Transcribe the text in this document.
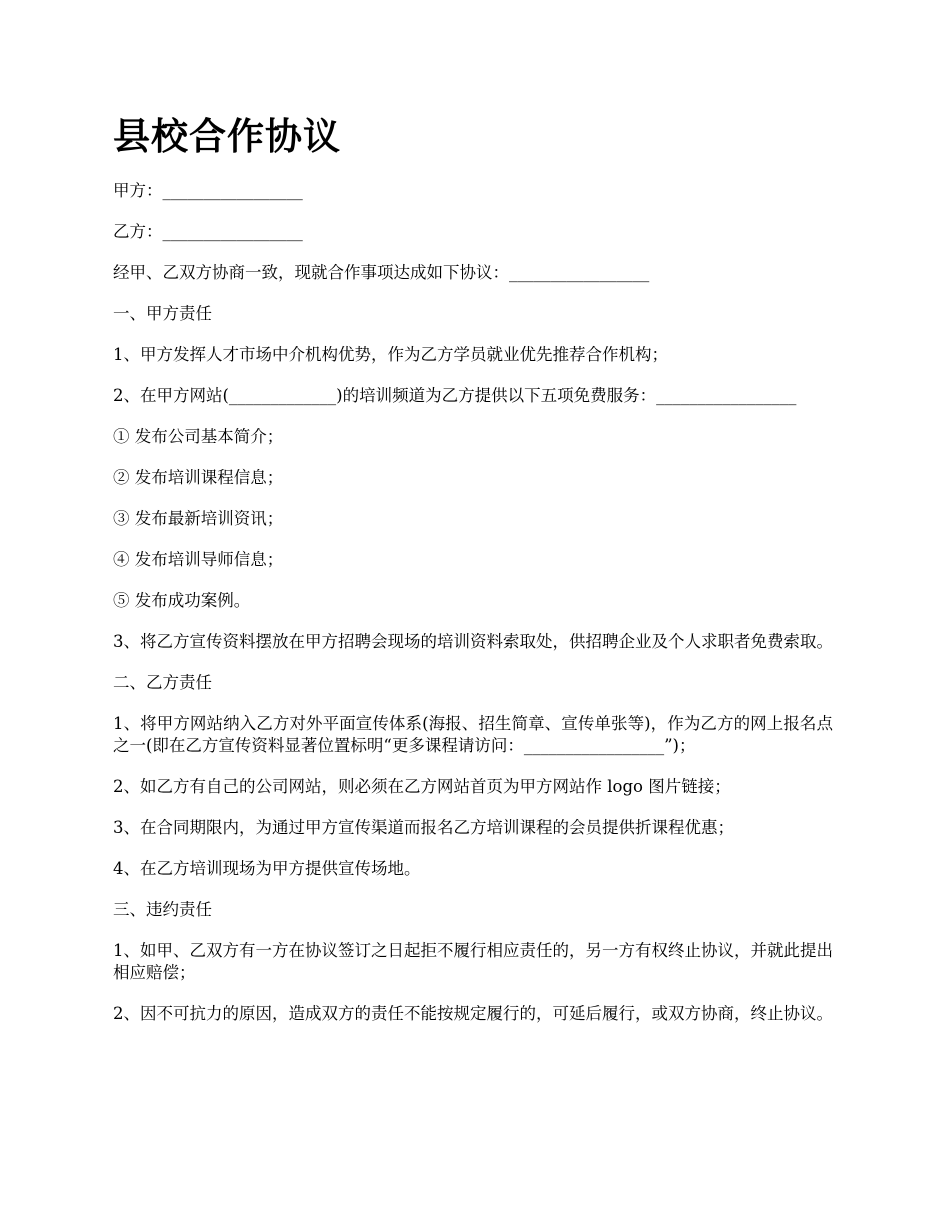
县校合作协议

甲方：_________________

乙方：_________________

经甲、乙双方协商一致，现就合作事项达成如下协议：_________________

一、甲方责任

1、甲方发挥人才市场中介机构优势，作为乙方学员就业优先推荐合作机构；

2、在甲方网站(_____________)的培训频道为乙方提供以下五项免费服务：_________________

① 发布公司基本简介；

② 发布培训课程信息；

③ 发布最新培训资讯；

④ 发布培训导师信息；

⑤ 发布成功案例。

3、将乙方宣传资料摆放在甲方招聘会现场的培训资料索取处，供招聘企业及个人求职者免费索取。

二、乙方责任

1、将甲方网站纳入乙方对外平面宣传体系(海报、招生简章、宣传单张等)，作为乙方的网上报名点之一(即在乙方宣传资料显著位置标明“更多课程请访问：_________________”)；

2、如乙方有自己的公司网站，则必须在乙方网站首页为甲方网站作 logo 图片链接；

3、在合同期限内，为通过甲方宣传渠道而报名乙方培训课程的会员提供折课程优惠；

4、在乙方培训现场为甲方提供宣传场地。

三、违约责任

1、如甲、乙双方有一方在协议签订之日起拒不履行相应责任的，另一方有权终止协议，并就此提出相应赔偿；

2、因不可抗力的原因，造成双方的责任不能按规定履行的，可延后履行，或双方协商，终止协议。
